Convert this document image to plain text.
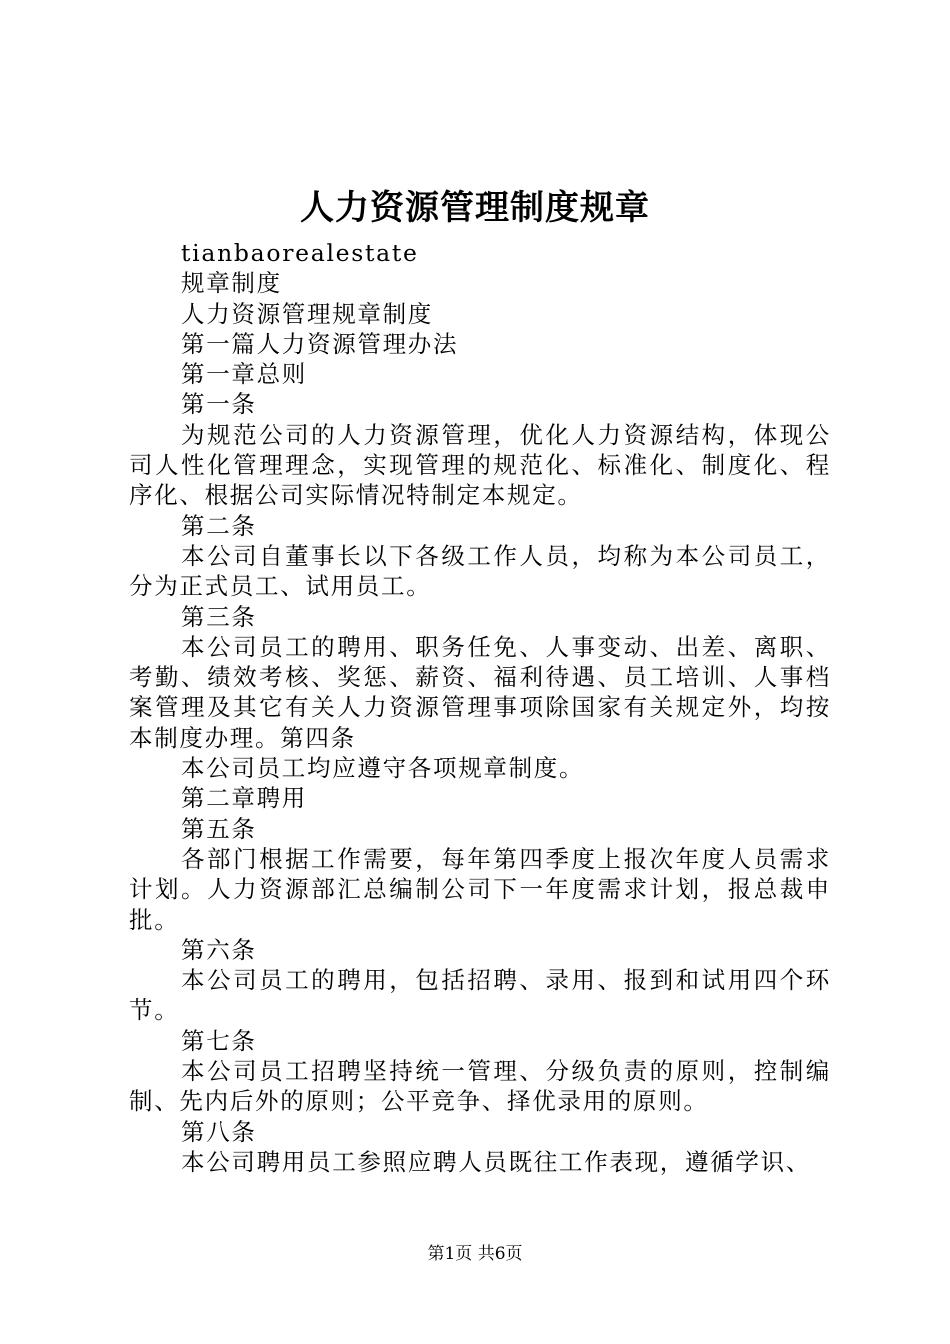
人力资源管理制度规章

tianbaorealestate

规章制度

人力资源管理规章制度

第一篇人力资源管理办法

第一章总则

第一条

为规范公司的人力资源管理，优化人力资源结构，体现公司人性化管理理念，实现管理的规范化、标准化、制度化、程序化、根据公司实际情况特制定本规定。

第二条

本公司自董事长以下各级工作人员，均称为本公司员工，分为正式员工、试用员工。

第三条

本公司员工的聘用、职务任免、人事变动、出差、离职、考勤、绩效考核、奖惩、薪资、福利待遇、员工培训、人事档案管理及其它有关人力资源管理事项除国家有关规定外，均按本制度办理。第四条

本公司员工均应遵守各项规章制度。

第二章聘用

第五条

各部门根据工作需要，每年第四季度上报次年度人员需求计划。人力资源部汇总编制公司下一年度需求计划，报总裁申批。

第六条

本公司员工的聘用，包括招聘、录用、报到和试用四个环节。

第七条

本公司员工招聘坚持统一管理、分级负责的原则，控制编制、先内后外的原则；公平竞争、择优录用的原则。

第八条

本公司聘用员工参照应聘人员既往工作表现，遵循学识、

第1页 共6页
